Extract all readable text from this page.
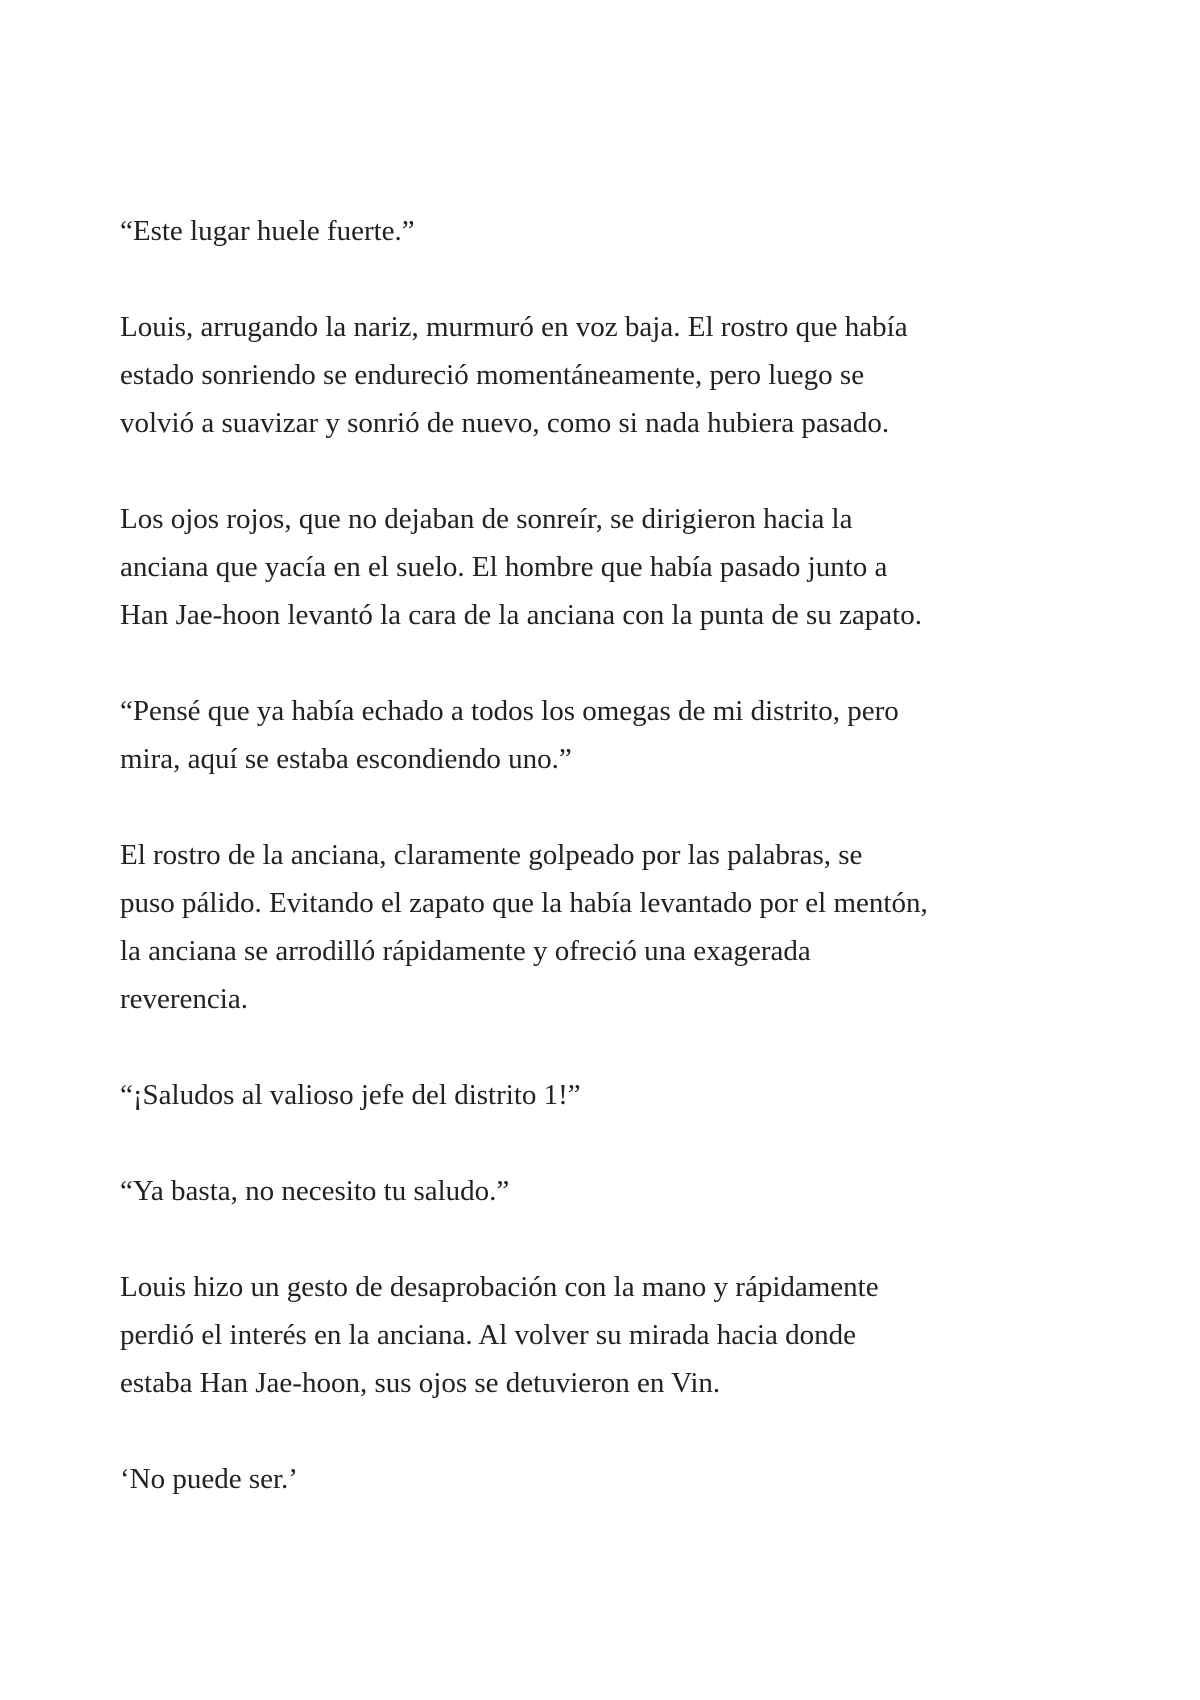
“Este lugar huele fuerte.”
Louis, arrugando la nariz, murmuró en voz baja. El rostro que había
estado sonriendo se endureció momentáneamente, pero luego se
volvió a suavizar y sonrió de nuevo, como si nada hubiera pasado.
Los ojos rojos, que no dejaban de sonreír, se dirigieron hacia la
anciana que yacía en el suelo. El hombre que había pasado junto a
Han Jae-hoon levantó la cara de la anciana con la punta de su zapato.
“Pensé que ya había echado a todos los omegas de mi distrito, pero
mira, aquí se estaba escondiendo uno.”
El rostro de la anciana, claramente golpeado por las palabras, se
puso pálido. Evitando el zapato que la había levantado por el mentón,
la anciana se arrodilló rápidamente y ofreció una exagerada
reverencia.
“¡Saludos al valioso jefe del distrito 1!”
“Ya basta, no necesito tu saludo.”
Louis hizo un gesto de desaprobación con la mano y rápidamente
perdió el interés en la anciana. Al volver su mirada hacia donde
estaba Han Jae-hoon, sus ojos se detuvieron en Vin.
‘No puede ser.’
